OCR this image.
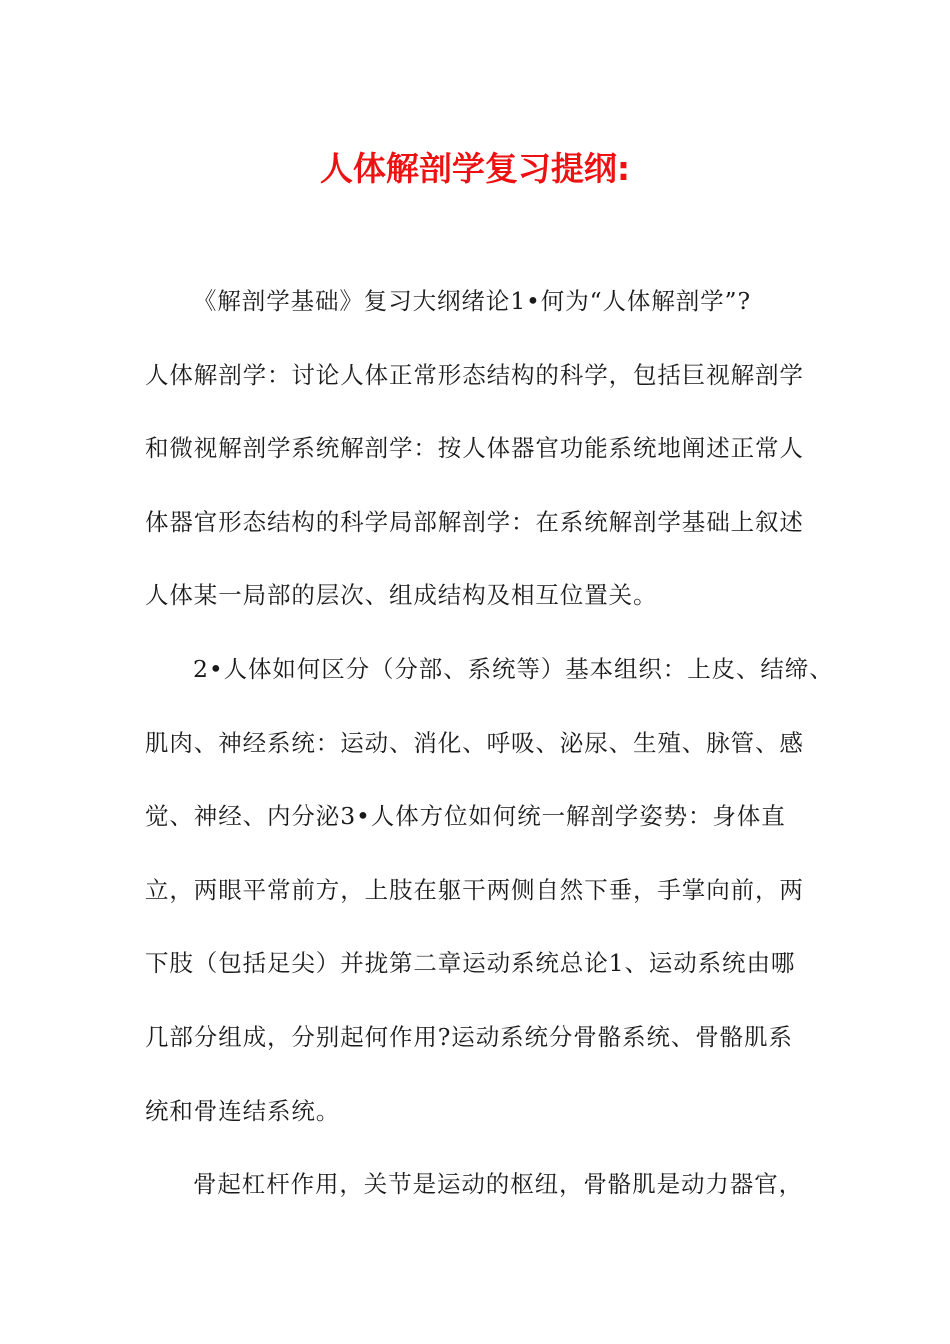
人体解剖学复习提纲:
《解剖学基础》复习大纲绪论1•何为“人体解剖学”?
人体解剖学：讨论人体正常形态结构的科学，包括巨视解剖学
和微视解剖学系统解剖学：按人体器官功能系统地阐述正常人
体器官形态结构的科学局部解剖学：在系统解剖学基础上叙述
人体某一局部的层次、组成结构及相互位置关。
2•人体如何区分（分部、系统等）基本组织：上皮、结缔、
肌肉、神经系统：运动、消化、呼吸、泌尿、生殖、脉管、感
觉、神经、内分泌3•人体方位如何统一解剖学姿势：身体直
立，两眼平常前方，上肢在躯干两侧自然下垂，手掌向前，两
下肢（包括足尖）并拢第二章运动系统总论1、运动系统由哪
几部分组成，分别起何作用?运动系统分骨骼系统、骨骼肌系
统和骨连结系统。
骨起杠杆作用，关节是运动的枢纽，骨骼肌是动力器官，
